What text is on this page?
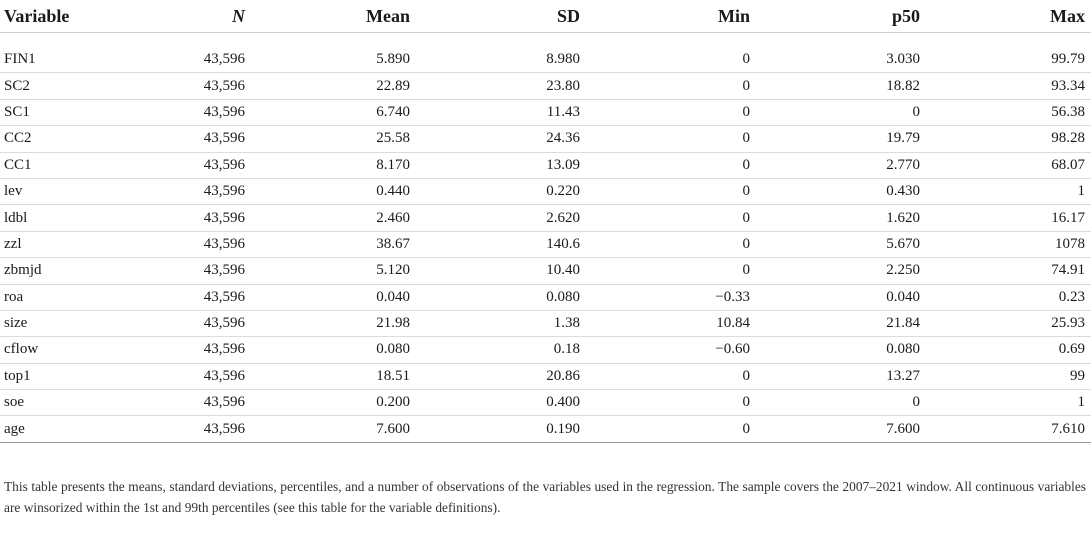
Variable	N	Mean	SD	Min	p50	Max

FIN1	43,596	5.890	8.980	0	3.030	99.79
SC2	43,596	22.89	23.80	0	18.82	93.34
SC1	43,596	6.740	11.43	0	0	56.38
CC2	43,596	25.58	24.36	0	19.79	98.28
CC1	43,596	8.170	13.09	0	2.770	68.07
lev	43,596	0.440	0.220	0	0.430	1
ldbl	43,596	2.460	2.620	0	1.620	16.17
zzl	43,596	38.67	140.6	0	5.670	1078
zbmjd	43,596	5.120	10.40	0	2.250	74.91
roa	43,596	0.040	0.080	−0.33	0.040	0.23
size	43,596	21.98	1.38	10.84	21.84	25.93
cflow	43,596	0.080	0.18	−0.60	0.080	0.69
top1	43,596	18.51	20.86	0	13.27	99
soe	43,596	0.200	0.400	0	0	1
age	43,596	7.600	0.190	0	7.600	7.610
This table presents the means, standard deviations, percentiles, and a number of observations of the variables used in the regression. The sample covers the 2007–2021 window. All continuous variables are winsorized within the 1st and 99th percentiles (see this table for the variable definitions).
